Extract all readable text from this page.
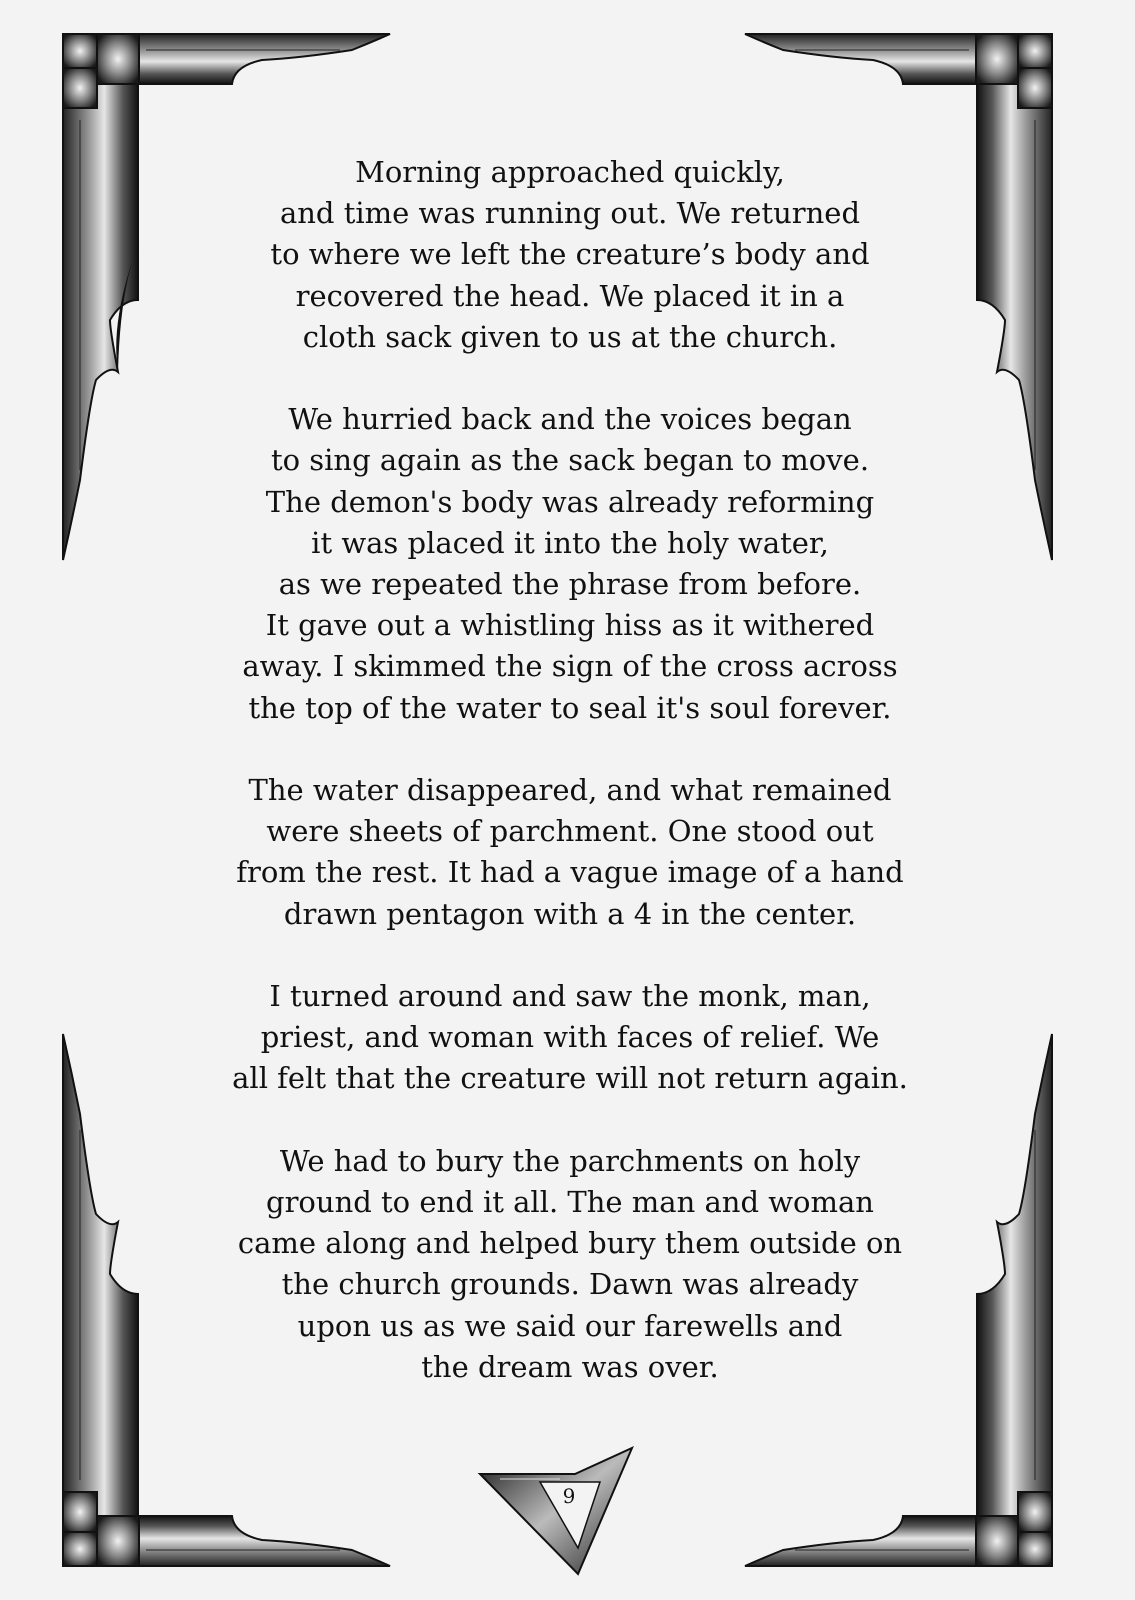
Morning approached quickly,
and time was running out. We returned
to where we left the creature’s body and
recovered the head. We placed it in a
cloth sack given to us at the church.

We hurried back and the voices began
to sing again as the sack began to move.
The demon's body was already reforming
it was placed it into the holy water,
as we repeated the phrase from before.
It gave out a whistling hiss as it withered
away. I skimmed the sign of the cross across
the top of the water to seal it's soul forever.

The water disappeared, and what remained
were sheets of parchment. One stood out
from the rest. It had a vague image of a hand
drawn pentagon with a 4 in the center.

I turned around and saw the monk, man,
priest, and woman with faces of relief. We
all felt that the creature will not return again.

We had to bury the parchments on holy
ground to end it all. The man and woman
came along and helped bury them outside on
the church grounds. Dawn was already
upon us as we said our farewells and
the dream was over.

9
